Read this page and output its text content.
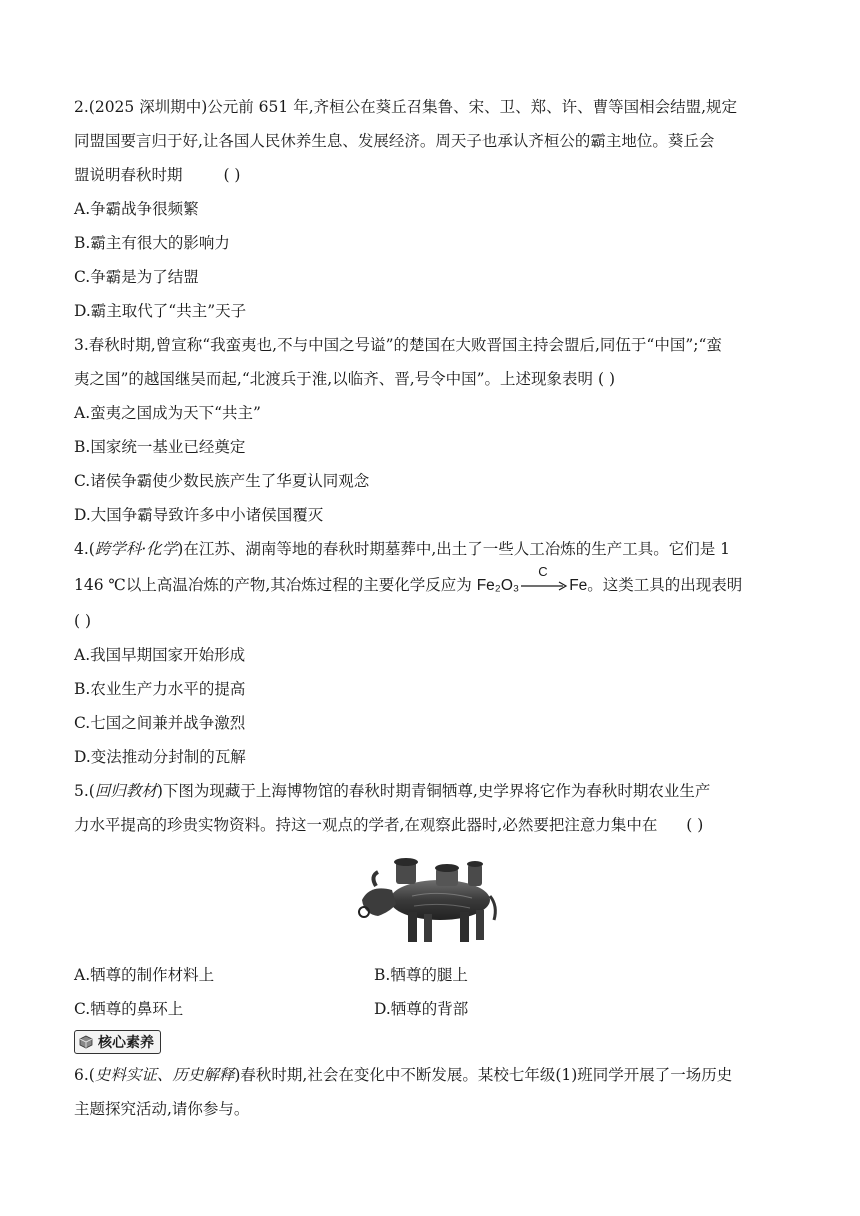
2.(2025 深圳期中)公元前 651 年,齐桓公在葵丘召集鲁、宋、卫、郑、许、曹等国相会结盟,规定
同盟国要言归于好,让各国人民休养生息、发展经济。周天子也承认齐桓公的霸主地位。葵丘会
盟说明春秋时期	( )
A.争霸战争很频繁
B.霸主有很大的影响力
C.争霸是为了结盟
D.霸主取代了“共主”天子
3.春秋时期,曾宣称“我蛮夷也,不与中国之号谥”的楚国在大败晋国主持会盟后,同伍于“中国”;“蛮
夷之国”的越国继吴而起,“北渡兵于淮,以临齐、晋,号令中国”。上述现象表明 ( )
A.蛮夷之国成为天下“共主”
B.国家统一基业已经奠定
C.诸侯争霸使少数民族产生了华夏认同观念
D.大国争霸导致许多中小诸侯国覆灭
4.(跨学科·化学)在江苏、湖南等地的春秋时期墓葬中,出土了一些人工冶炼的生产工具。它们是 1
146 ℃以上高温冶炼的产物,其冶炼过程的主要化学反应为 Fe₂O₃
C
Fe。这类工具的出现表明
( )
A.我国早期国家开始形成
B.农业生产力水平的提高
C.七国之间兼并战争激烈
D.变法推动分封制的瓦解
5.(回归教材)下图为现藏于上海博物馆的春秋时期青铜牺尊,史学界将它作为春秋时期农业生产
力水平提高的珍贵实物资料。持这一观点的学者,在观察此器时,必然要把注意力集中在 ( )
A.牺尊的制作材料上	B.牺尊的腿上
C.牺尊的鼻环上	D.牺尊的背部
核心素养
6.(史料实证、历史解释)春秋时期,社会在变化中不断发展。某校七年级(1)班同学开展了一场历史
主题探究活动,请你参与。
